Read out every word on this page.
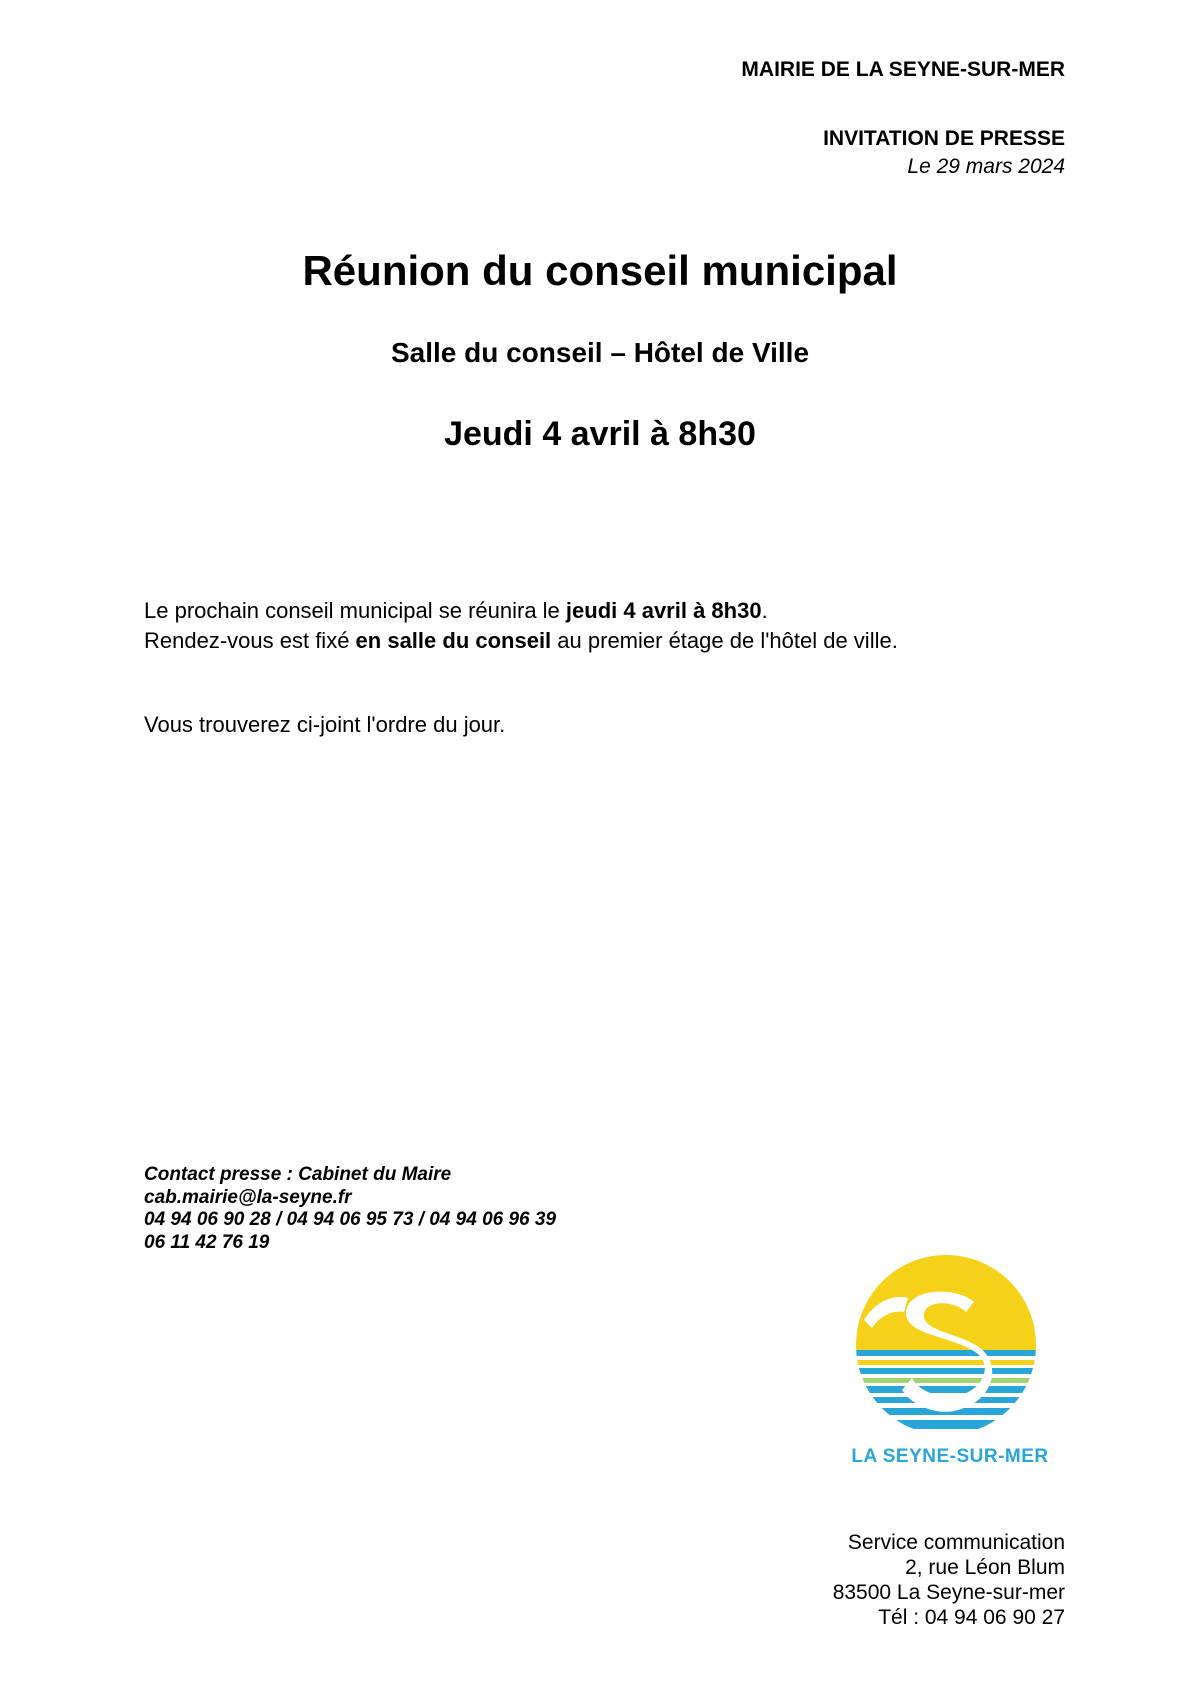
MAIRIE DE LA SEYNE-SUR-MER
INVITATION DE PRESSE
Le 29 mars 2024
Réunion du conseil municipal
Salle du conseil – Hôtel de Ville
Jeudi 4 avril à 8h30
Le prochain conseil municipal se réunira le jeudi 4 avril à 8h30.
Rendez-vous est fixé en salle du conseil au premier étage de l'hôtel de ville.
Vous trouverez ci-joint l'ordre du jour.
Contact presse : Cabinet du Maire
cab.mairie@la-seyne.fr
04 94 06 90 28 / 04 94 06 95 73 / 04 94 06 96 39
06 11 42 76 19
LA SEYNE-SUR-MER
Service communication
2, rue Léon Blum
83500 La Seyne-sur-mer
Tél : 04 94 06 90 27
